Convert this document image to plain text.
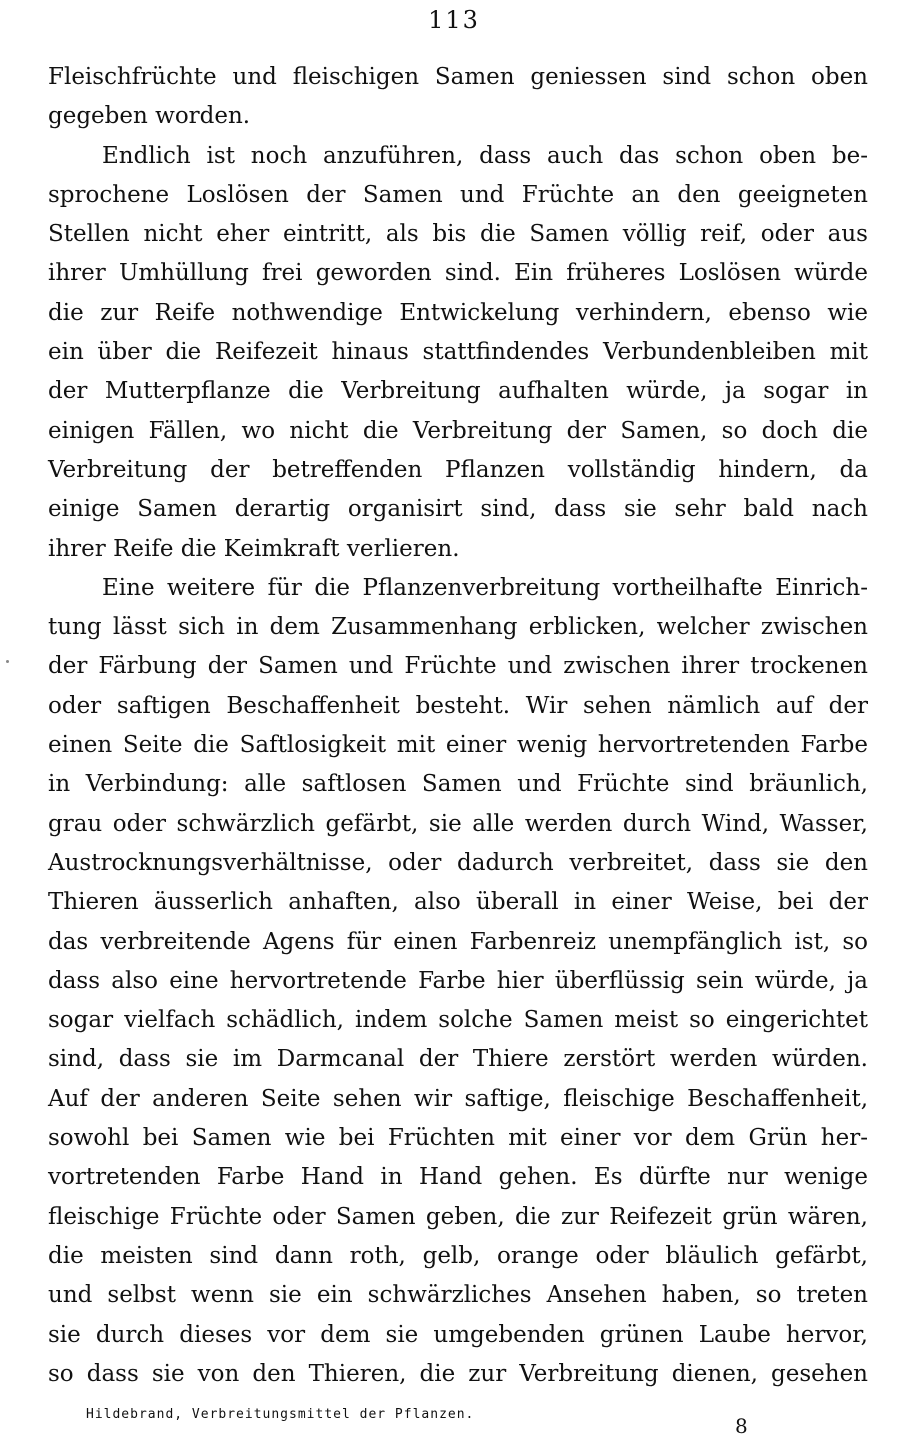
113
Fleischfrüchte und fleischigen Samen geniessen sind schon oben
gegeben worden.
Endlich ist noch anzuführen, dass auch das schon oben be-
sprochene Loslösen der Samen und Früchte an den geeigneten
Stellen nicht eher eintritt, als bis die Samen völlig reif, oder aus
ihrer Umhüllung frei geworden sind. Ein früheres Loslösen würde
die zur Reife nothwendige Entwickelung verhindern, ebenso wie
ein über die Reifezeit hinaus stattfindendes Verbundenbleiben mit
der Mutterpflanze die Verbreitung aufhalten würde, ja sogar in
einigen Fällen, wo nicht die Verbreitung der Samen, so doch die
Verbreitung der betreffenden Pflanzen vollständig hindern, da
einige Samen derartig organisirt sind, dass sie sehr bald nach
ihrer Reife die Keimkraft verlieren.
Eine weitere für die Pflanzenverbreitung vortheilhafte Einrich-
tung lässt sich in dem Zusammenhang erblicken, welcher zwischen
der Färbung der Samen und Früchte und zwischen ihrer trockenen
oder saftigen Beschaffenheit besteht. Wir sehen nämlich auf der
einen Seite die Saftlosigkeit mit einer wenig hervortretenden Farbe
in Verbindung: alle saftlosen Samen und Früchte sind bräunlich,
grau oder schwärzlich gefärbt, sie alle werden durch Wind, Wasser,
Austrocknungsverhältnisse, oder dadurch verbreitet, dass sie den
Thieren äusserlich anhaften, also überall in einer Weise, bei der
das verbreitende Agens für einen Farbenreiz unempfänglich ist, so
dass also eine hervortretende Farbe hier überflüssig sein würde, ja
sogar vielfach schädlich, indem solche Samen meist so eingerichtet
sind, dass sie im Darmcanal der Thiere zerstört werden würden.
Auf der anderen Seite sehen wir saftige, fleischige Beschaffenheit,
sowohl bei Samen wie bei Früchten mit einer vor dem Grün her-
vortretenden Farbe Hand in Hand gehen. Es dürfte nur wenige
fleischige Früchte oder Samen geben, die zur Reifezeit grün wären,
die meisten sind dann roth, gelb, orange oder bläulich gefärbt,
und selbst wenn sie ein schwärzliches Ansehen haben, so treten
sie durch dieses vor dem sie umgebenden grünen Laube hervor,
so dass sie von den Thieren, die zur Verbreitung dienen, gesehen
Hildebrand, Verbreitungsmittel der Pflanzen.	8
